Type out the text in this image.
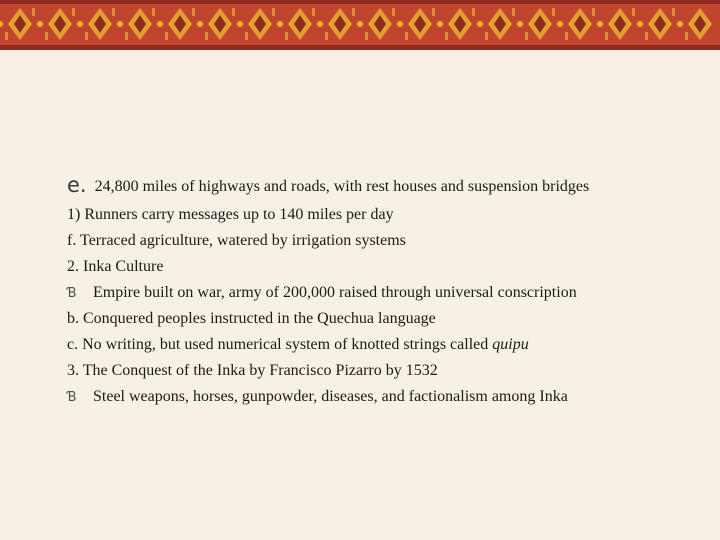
e. 24,800 miles of highways and roads, with rest houses and suspension bridges
1) Runners carry messages up to 140 miles per day
f. Terraced agriculture, watered by irrigation systems
2. Inka Culture
Ɓ Empire built on war, army of 200,000 raised through universal conscription
b. Conquered peoples instructed in the Quechua language
c. No writing, but used numerical system of knotted strings called quipu
3. The Conquest of the Inka by Francisco Pizarro by 1532
Ɓ Steel weapons, horses, gunpowder, diseases, and factionalism among Inka
